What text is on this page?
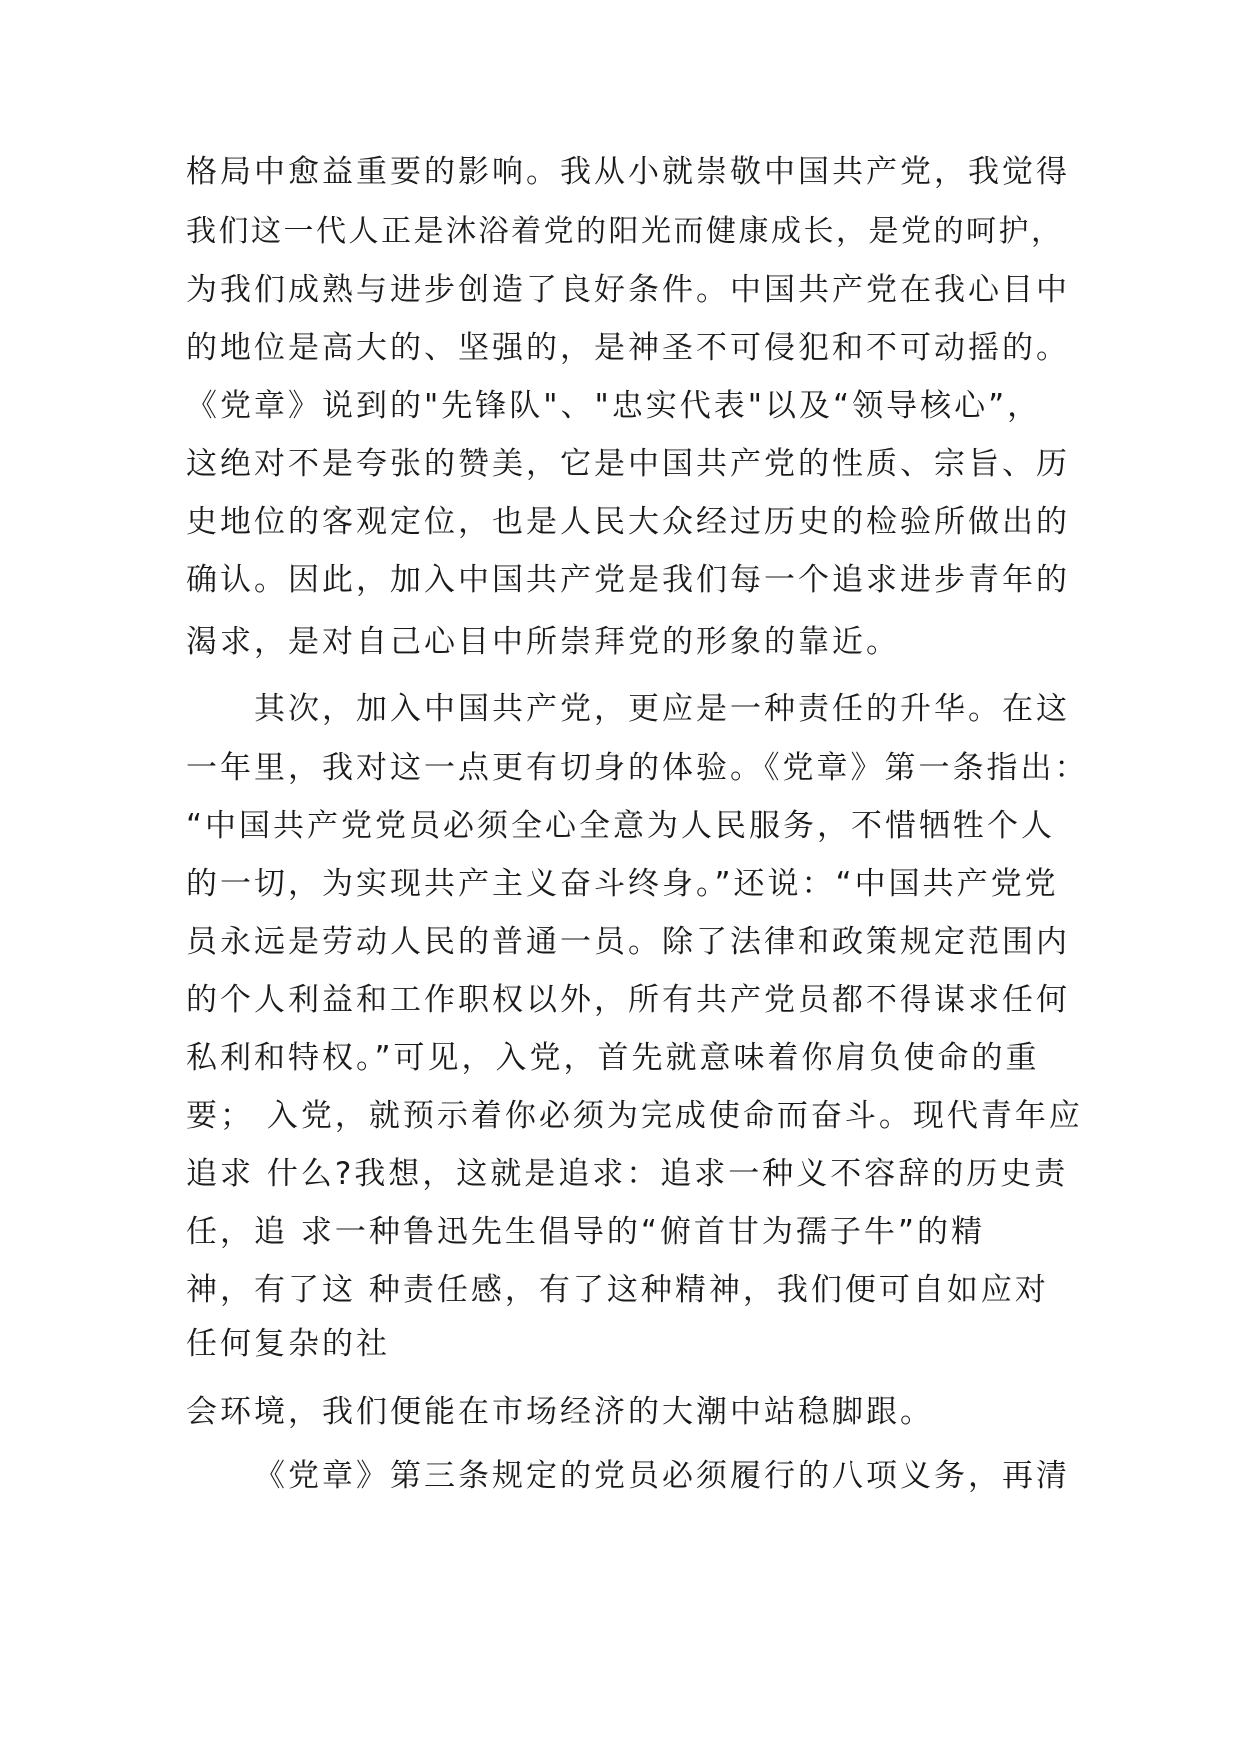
格局中愈益重要的影响。我从小就崇敬中国共产党，我觉得
我们这一代人正是沐浴着党的阳光而健康成长，是党的呵护，
为我们成熟与进步创造了良好条件。中国共产党在我心目中
的地位是高大的、坚强的，是神圣不可侵犯和不可动摇的。
《党章》说到的"先锋队"、"忠实代表"以及“领导核心”，
这绝对不是夸张的赞美，它是中国共产党的性质、宗旨、历
史地位的客观定位，也是人民大众经过历史的检验所做出的
确认。因此，加入中国共产党是我们每一个追求进步青年的
渴求，是对自己心目中所崇拜党的形象的靠近。
其次，加入中国共产党，更应是一种责任的升华。在这
一年里，我对这一点更有切身的体验。《党章》第一条指出：
“中国共产党党员必须全心全意为人民服务，不惜牺牲个人
的一切，为实现共产主义奋斗终身。”还说：“中国共产党党
员永远是劳动人民的普通一员。除了法律和政策规定范围内
的个人利益和工作职权以外，所有共产党员都不得谋求任何
私利和特权。”可见，入党，首先就意味着你肩负使命的重
要； 入党，就预示着你必须为完成使命而奋斗。现代青年应
追求 什么?我想，这就是追求：追求一种义不容辞的历史责
任，追 求一种鲁迅先生倡导的“俯首甘为孺子牛”的精
神，有了这 种责任感，有了这种精神，我们便可自如应对
任何复杂的社
会环境，我们便能在市场经济的大潮中站稳脚跟。
《党章》第三条规定的党员必须履行的八项义务，再清
